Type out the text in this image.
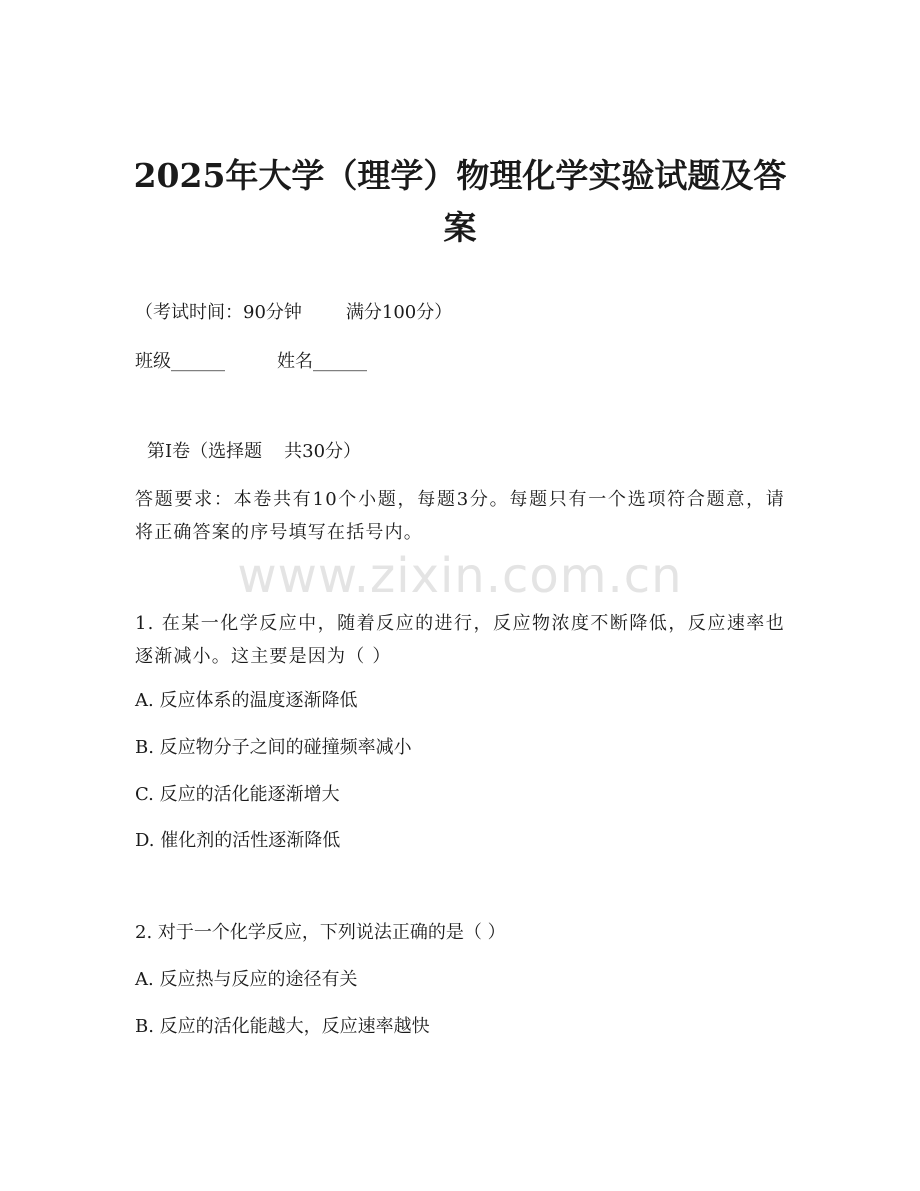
2025年大学（理学）物理化学实验试题及答
案
（考试时间：90分钟 满分100分）
班级______	姓名______
第Ⅰ卷（选择题 共30分）
答题要求：本卷共有10个小题，每题3分。每题只有一个选项符合题意，请将正确答案的序号填写在括号内。
www.zixin.com.cn
1. 在某一化学反应中，随着反应的进行，反应物浓度不断降低，反应速率也逐渐减小。这主要是因为（ ）
A. 反应体系的温度逐渐降低
B. 反应物分子之间的碰撞频率减小
C. 反应的活化能逐渐增大
D. 催化剂的活性逐渐降低
2. 对于一个化学反应，下列说法正确的是（ ）
A. 反应热与反应的途径有关
B. 反应的活化能越大，反应速率越快
